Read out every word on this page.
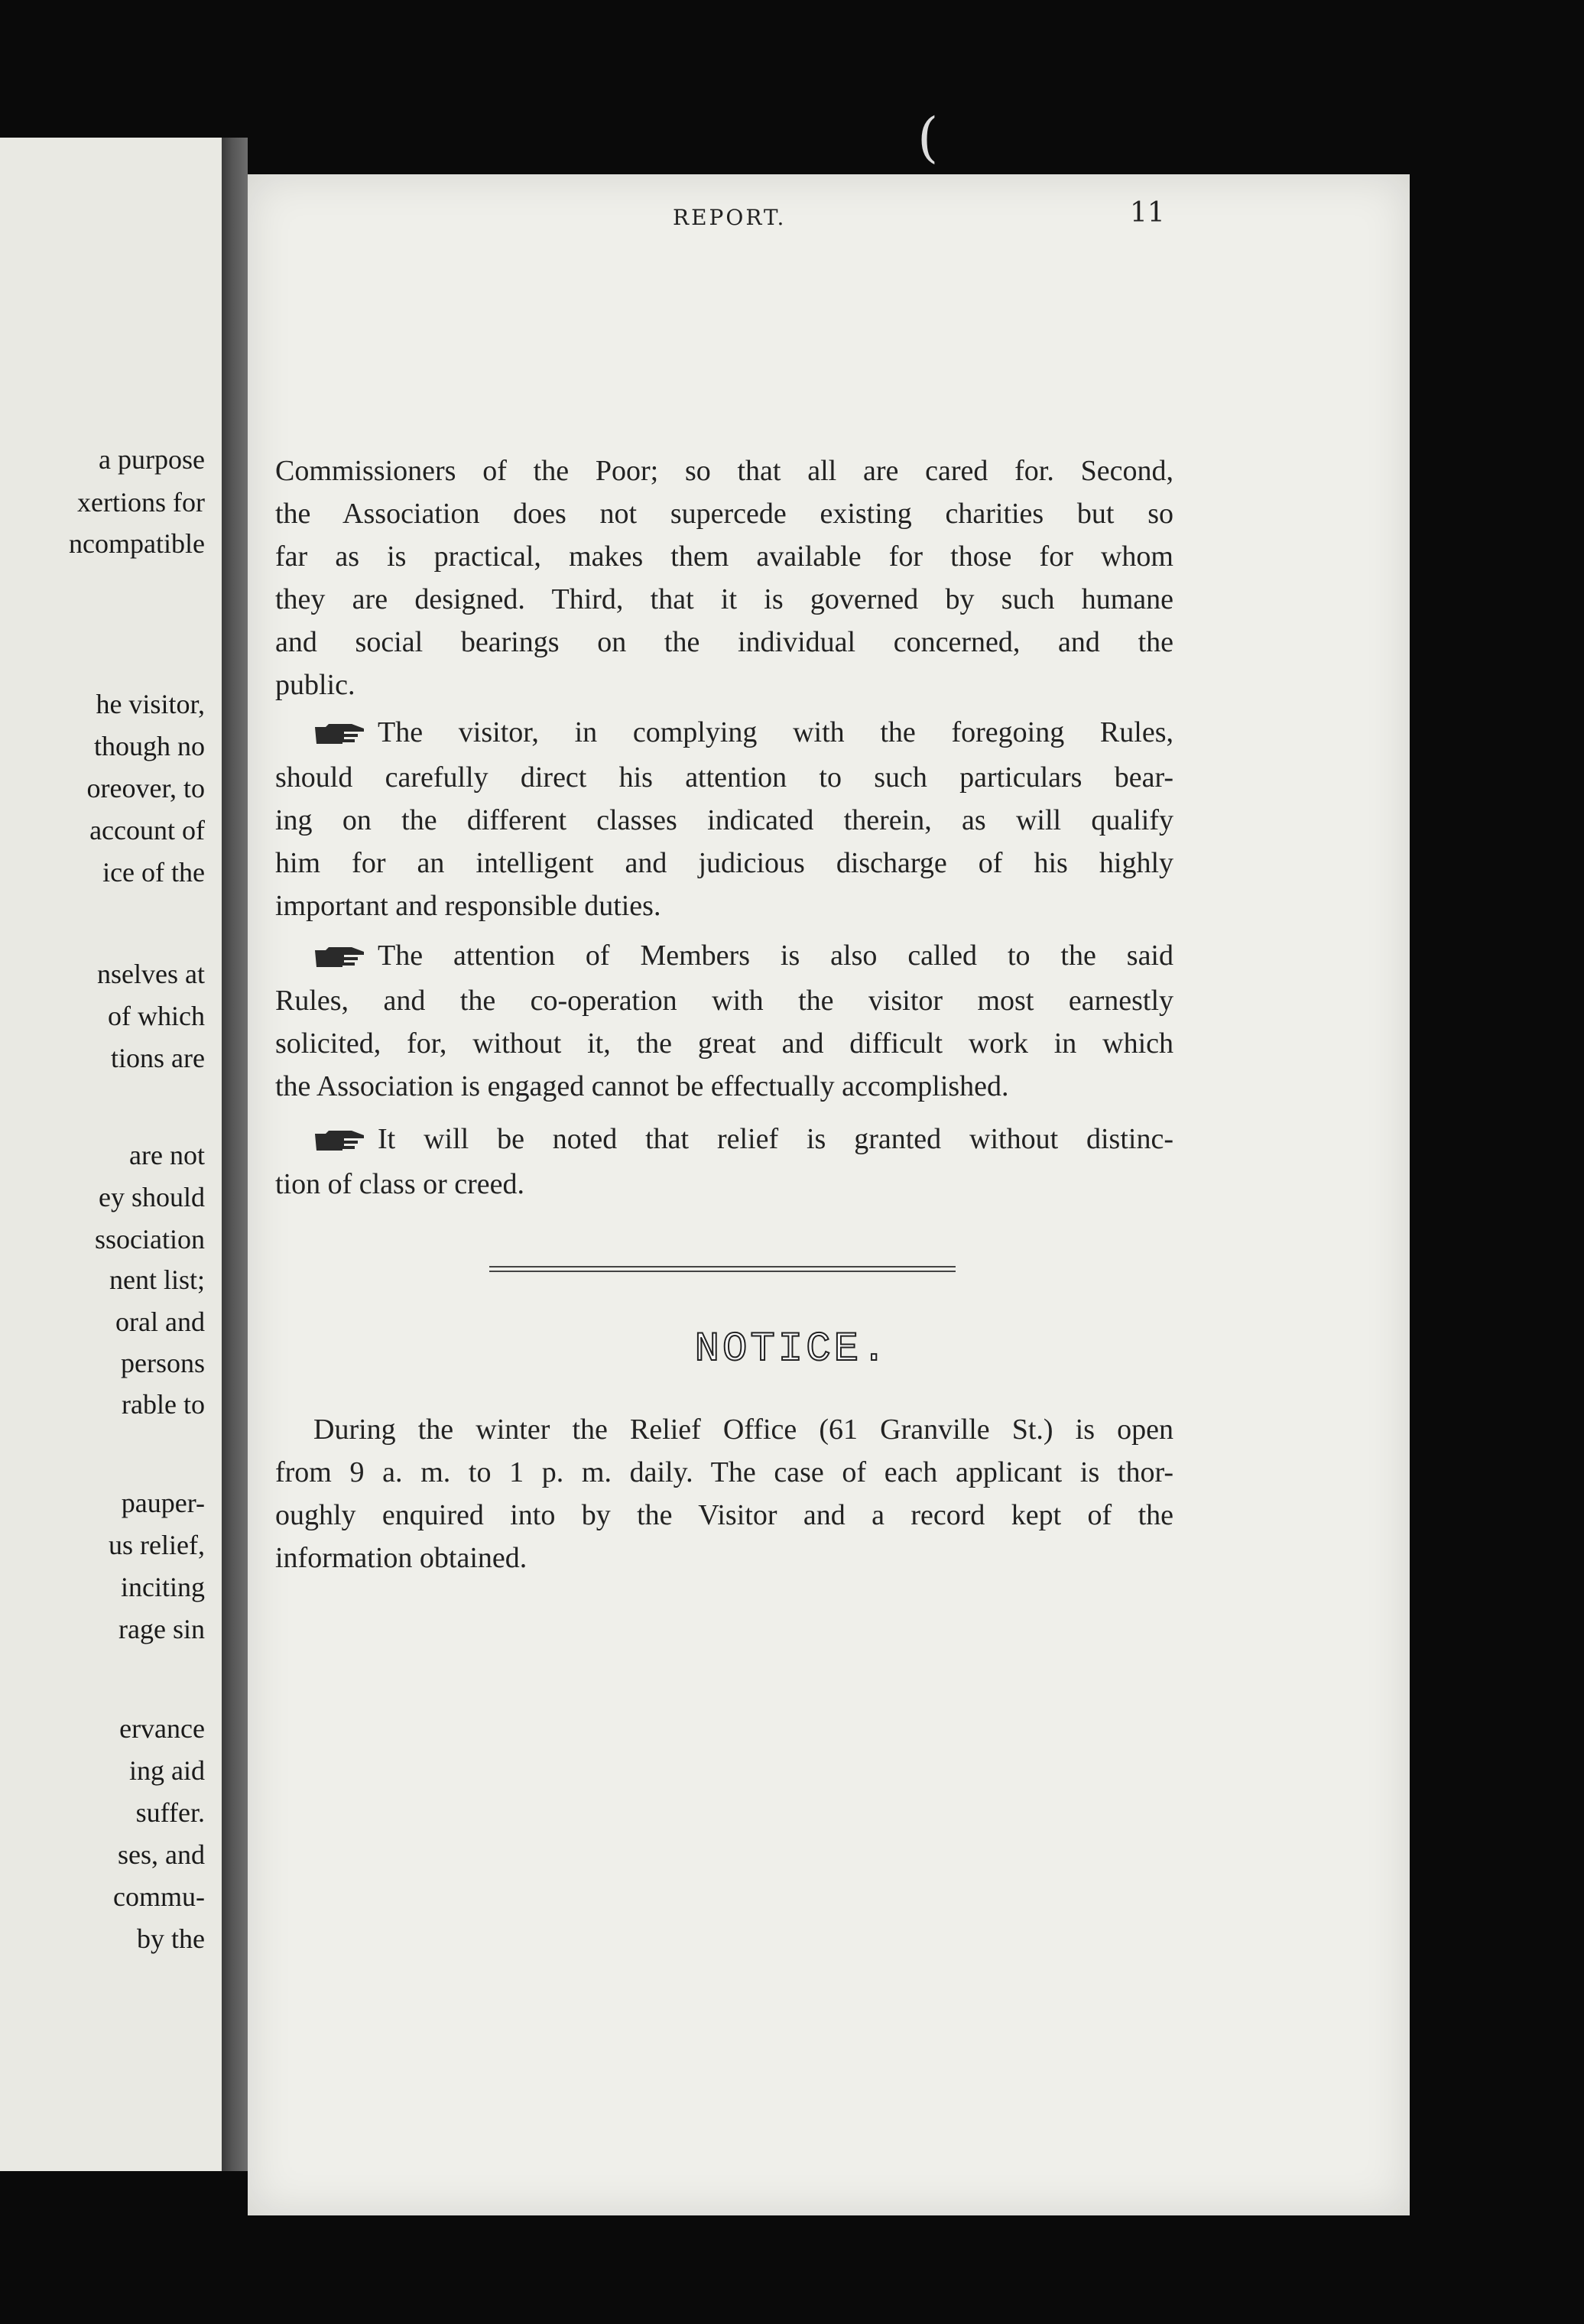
(
a purpose
xertions for
ncompatible
he visitor,
though no
oreover, to
account of
ice of the
nselves at
of which
tions are
are not
ey should
ssociation
nent list;
oral and
persons
rable to
pauper-
us relief,
inciting
rage sin
ervance
ing aid
suffer.
ses, and
commu-
by the
REPORT.	11
Commissioners of the Poor; so that all are cared for. Second,
the Association does not supercede existing charities but so
far as is practical, makes them available for those for whom
they are designed. Third, that it is governed by such humane
and social bearings on the individual concerned, and the
public.
The visitor, in complying with the foregoing Rules,
should carefully direct his attention to such particulars bear-
ing on the different classes indicated therein, as will qualify
him for an intelligent and judicious discharge of his highly
important and responsible duties.
The attention of Members is also called to the said
Rules, and the co-operation with the visitor most earnestly
solicited, for, without it, the great and difficult work in which
the Association is engaged cannot be effectually accomplished.
It will be noted that relief is granted without distinc-
tion of class or creed.
NOTICE.
During the winter the Relief Office (61 Granville St.) is open
from 9 a. m. to 1 p. m. daily. The case of each applicant is thor-
oughly enquired into by the Visitor and a record kept of the
information obtained.
